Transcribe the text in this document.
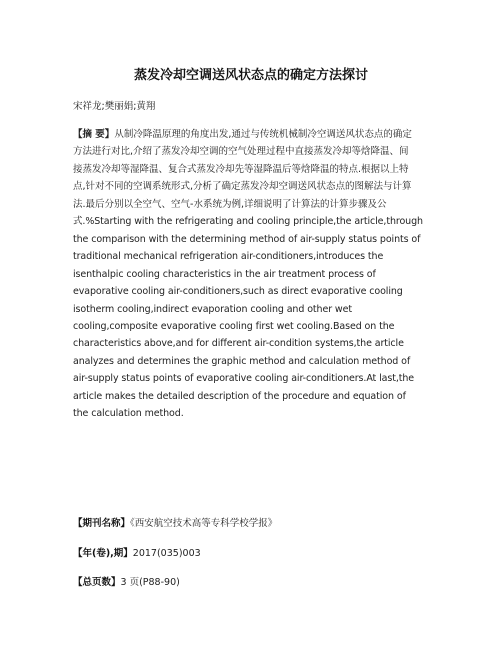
蒸发冷却空调送风状态点的确定方法探讨
宋祥龙;樊丽娟;黄翔
【摘 要】从制冷降温原理的角度出发,通过与传统机械制冷空调送风状态点的确定
方法进行对比,介绍了蒸发冷却空调的空气处理过程中直接蒸发冷却等焓降温、间
接蒸发冷却等湿降温、复合式蒸发冷却先等湿降温后等焓降温的特点.根据以上特
点,针对不同的空调系统形式,分析了确定蒸发冷却空调送风状态点的图解法与计算
法.最后分别以全空气、空气-水系统为例,详细说明了计算法的计算步骤及公
式.%Starting with the refrigerating and cooling principle,the article,through
the comparison with the determining method of air-supply status points of
traditional mechanical refrigeration air-conditioners,introduces the
isenthalpic cooling characteristics in the air treatment process of
evaporative cooling air-conditioners,such as direct evaporative cooling
isotherm cooling,indirect evaporation cooling and other wet
cooling,composite evaporative cooling first wet cooling.Based on the
characteristics above,and for different air-condition systems,the article
analyzes and determines the graphic method and calculation method of
air-supply status points of evaporative cooling air-conditioners.At last,the
article makes the detailed description of the procedure and equation of
the calculation method.
【期刊名称】《西安航空技术高等专科学校学报》
【年(卷),期】2017(035)003
【总页数】3 页(P88-90)
